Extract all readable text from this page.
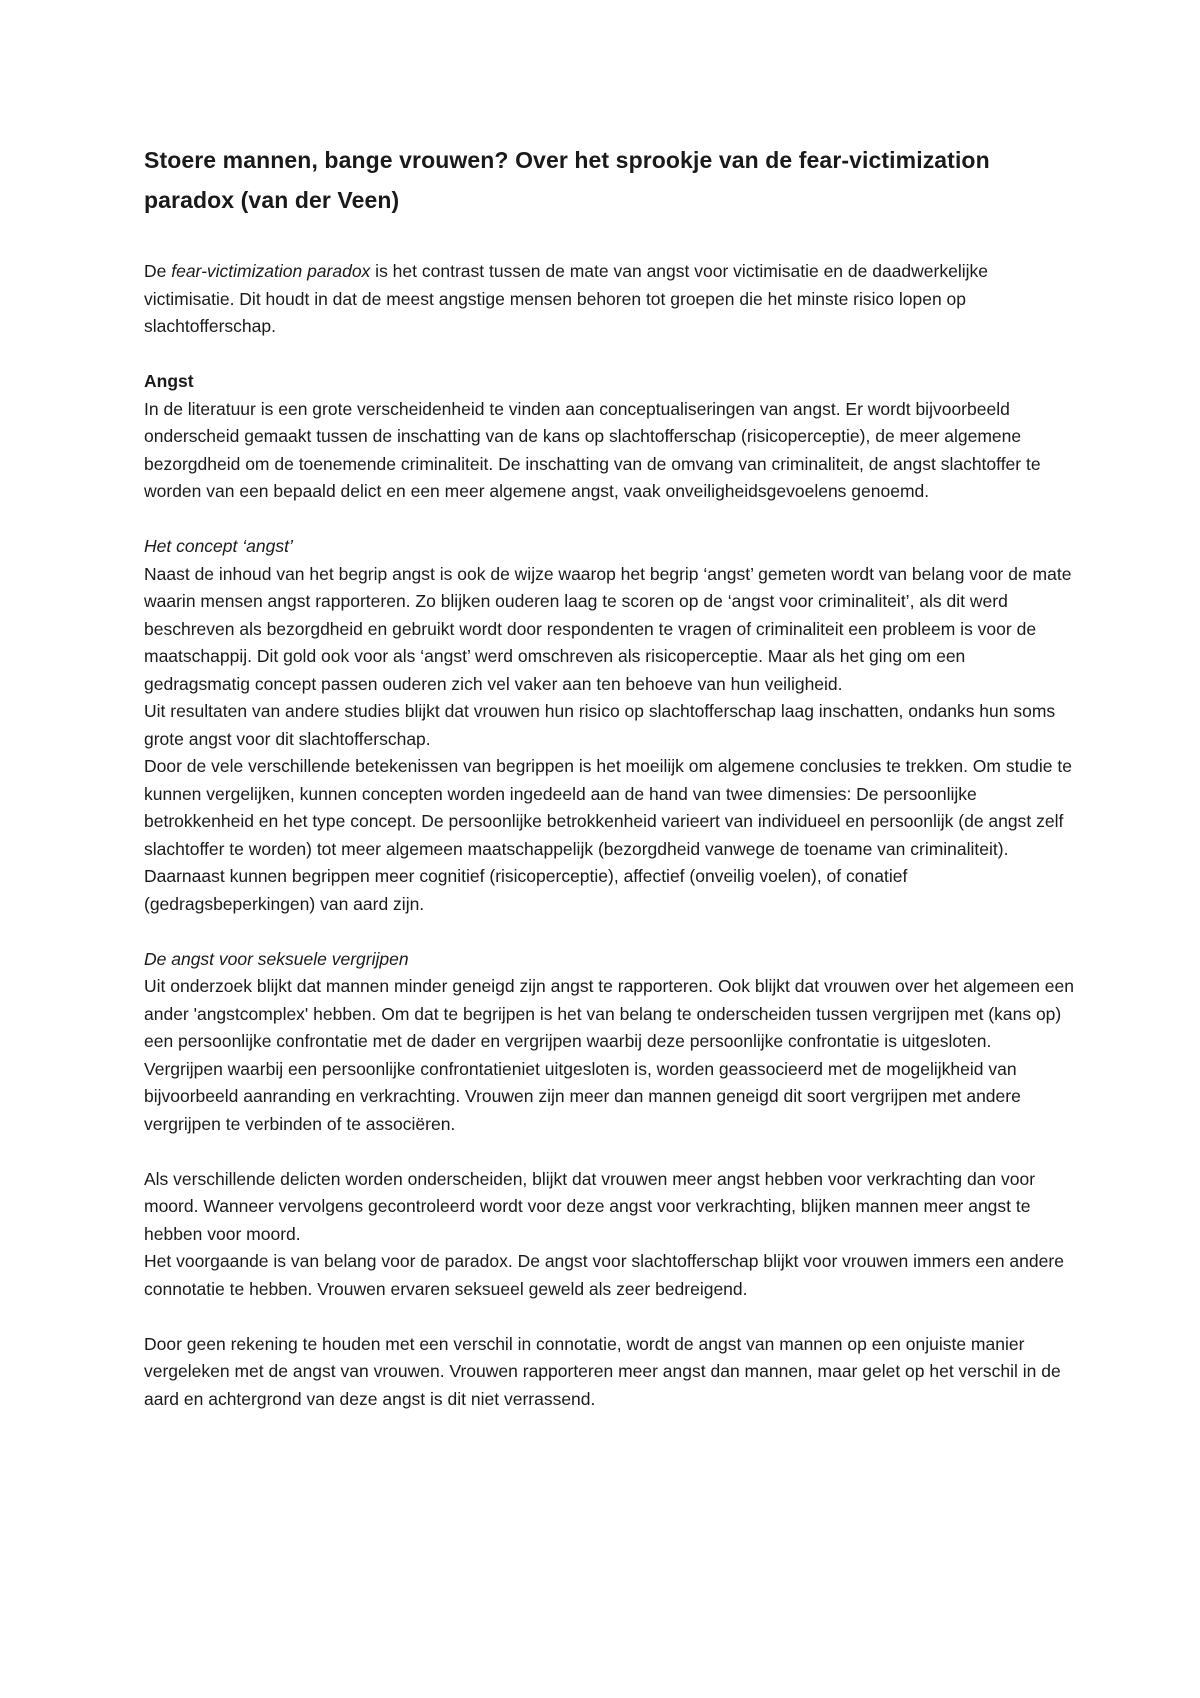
Stoere mannen, bange vrouwen? Over het sprookje van de fear-victimization paradox (van der Veen)

De fear-victimization paradox is het contrast tussen de mate van angst voor victimisatie en de daadwerkelijke victimisatie. Dit houdt in dat de meest angstige mensen behoren tot groepen die het minste risico lopen op slachtofferschap.

Angst

In de literatuur is een grote verscheidenheid te vinden aan conceptualiseringen van angst. Er wordt bijvoorbeeld onderscheid gemaakt tussen de inschatting van de kans op slachtofferschap (risicoperceptie), de meer algemene bezorgdheid om de toenemende criminaliteit. De inschatting van de omvang van criminaliteit, de angst slachtoffer te worden van een bepaald delict en een meer algemene angst, vaak onveiligheidsgevoelens genoemd.

Het concept ‘angst’

Naast de inhoud van het begrip angst is ook de wijze waarop het begrip ‘angst’ gemeten wordt van belang voor de mate waarin mensen angst rapporteren. Zo blijken ouderen laag te scoren op de ‘angst voor criminaliteit’, als dit werd beschreven als bezorgdheid en gebruikt wordt door respondenten te vragen of criminaliteit een probleem is voor de maatschappij. Dit gold ook voor als ‘angst’ werd omschreven als risicoperceptie. Maar als het ging om een gedragsmatig concept passen ouderen zich vel vaker aan ten behoeve van hun veiligheid.

Uit resultaten van andere studies blijkt dat vrouwen hun risico op slachtofferschap laag inschatten, ondanks hun soms grote angst voor dit slachtofferschap.

Door de vele verschillende betekenissen van begrippen is het moeilijk om algemene conclusies te trekken. Om studie te kunnen vergelijken, kunnen concepten worden ingedeeld aan de hand van twee dimensies: De persoonlijke betrokkenheid en het type concept. De persoonlijke betrokkenheid varieert van individueel en persoonlijk (de angst zelf slachtoffer te worden) tot meer algemeen maatschappelijk (bezorgdheid vanwege de toename van criminaliteit). Daarnaast kunnen begrippen meer cognitief (risicoperceptie), affectief (onveilig voelen), of conatief (gedragsbeperkingen) van aard zijn.

De angst voor seksuele vergrijpen

Uit onderzoek blijkt dat mannen minder geneigd zijn angst te rapporteren. Ook blijkt dat vrouwen over het algemeen een ander 'angstcomplex' hebben. Om dat te begrijpen is het van belang te onderscheiden tussen vergrijpen met (kans op) een persoonlijke confrontatie met de dader en vergrijpen waarbij deze persoonlijke confrontatie is uitgesloten. Vergrijpen waarbij een persoonlijke confrontatieniet uitgesloten is, worden geassocieerd met de mogelijkheid van bijvoorbeeld aanranding en verkrachting. Vrouwen zijn meer dan mannen geneigd dit soort vergrijpen met andere vergrijpen te verbinden of te associëren.

Als verschillende delicten worden onderscheiden, blijkt dat vrouwen meer angst hebben voor verkrachting dan voor moord. Wanneer vervolgens gecontroleerd wordt voor deze angst voor verkrachting, blijken mannen meer angst te hebben voor moord.

Het voorgaande is van belang voor de paradox. De angst voor slachtofferschap blijkt voor vrouwen immers een andere connotatie te hebben. Vrouwen ervaren seksueel geweld als zeer bedreigend.

Door geen rekening te houden met een verschil in connotatie, wordt de angst van mannen op een onjuiste manier vergeleken met de angst van vrouwen. Vrouwen rapporteren meer angst dan mannen, maar gelet op het verschil in de aard en achtergrond van deze angst is dit niet verrassend.
